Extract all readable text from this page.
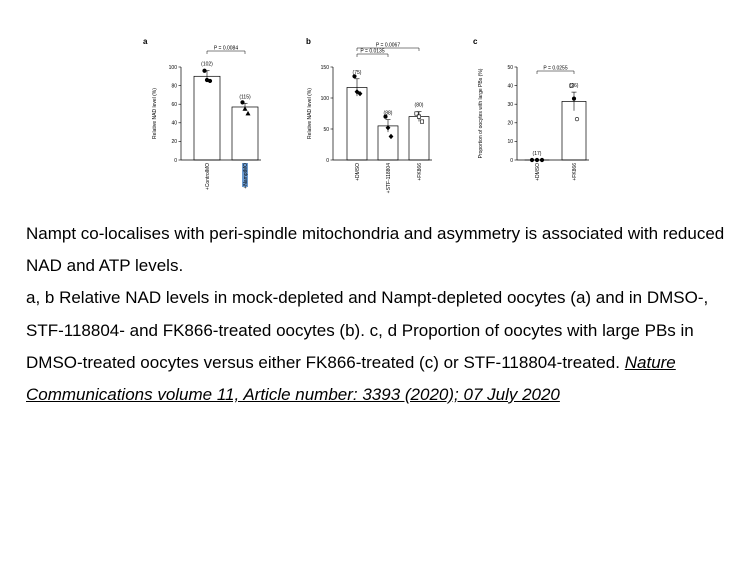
a
0
20
40
60
80
100
Relative NAD level (%)
(102)
+ControlMO
(115)
+NamptMO
P = 0.0084
b
0
50
100
150
Relative NAD level (%)
(75)
+DMSO
(88)
+STF-118804
(80)
+FK866
P = 0.0067
P = 0.0135
c
0
10
20
30
40
50
Proportion of oocytes with large PBs (%)	(17)
+DMSO
(26)
+FK866
P = 0.0255

Nampt co-localises with peri-spindle mitochondria and asymmetry is associated with reduced NAD and ATP levels.

a, b Relative NAD levels in mock-depleted and Nampt-depleted oocytes (a) and in DMSO-, STF-118804- and FK866-treated oocytes (b). c, d Proportion of oocytes with large PBs in DMSO-treated oocytes versus either FK866-treated (c) or STF-118804-treated. Nature Communications volume 11, Article number: 3393 (2020); 07 July 2020
